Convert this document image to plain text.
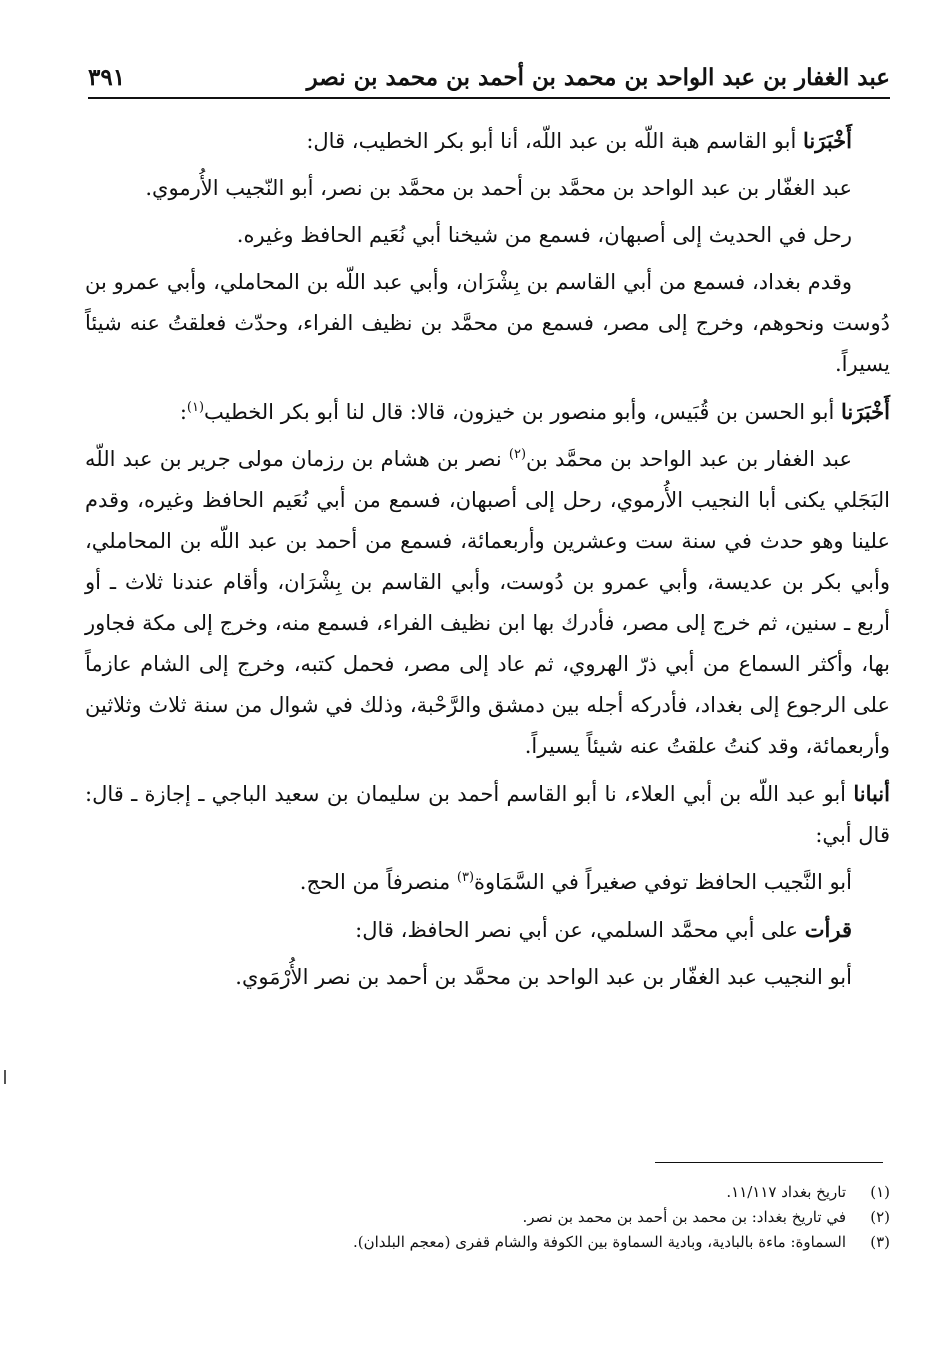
عبد الغفار بن عبد الواحد بن محمد بن أحمد بن محمد بن نصر
٣٩١

أَخْبَرَنا أبو القاسم هبة اللّه بن عبد اللّه، أنا أبو بكر الخطيب، قال:

عبد الغفّار بن عبد الواحد بن محمَّد بن أحمد بن محمَّد بن نصر، أبو النّجيب الأُرموي.

رحل في الحديث إلى أصبهان، فسمع من شيخنا أبي نُعَيم الحافظ وغيره.

وقدم بغداد، فسمع من أبي القاسم بن بِشْرَان، وأبي عبد اللّه بن المحاملي، وأبي عمرو بن دُوست ونحوهم، وخرج إلى مصر، فسمع من محمَّد بن نظيف الفراء، وحدّث فعلقتُ عنه شيئاً يسيراً.

أَخْبَرَنا أبو الحسن بن قُبَيس، وأبو منصور بن خيزون، قالا: قال لنا أبو بكر الخطيب$^{(١)}$:

عبد الغفار بن عبد الواحد بن محمَّد بن$^{(٢)}$ نصر بن هشام بن رزمان مولى جرير بن عبد اللّه البَجَلي يكنى أبا النجيب الأُرموي، رحل إلى أصبهان، فسمع من أبي نُعَيم الحافظ وغيره، وقدم علينا وهو حدث في سنة ست وعشرين وأربعمائة، فسمع من أحمد بن عبد اللّه بن المحاملي، وأبي بكر بن عديسة، وأبي عمرو بن دُوست، وأبي القاسم بن بِشْرَان، وأقام عندنا ثلاث ـ أو أربع ـ سنين، ثم خرج إلى مصر، فأدرك بها ابن نظيف الفراء، فسمع منه، وخرج إلى مكة فجاور بها، وأكثر السماع من أبي ذرّ الهروي، ثم عاد إلى مصر، فحمل كتبه، وخرج إلى الشام عازماً على الرجوع إلى بغداد، فأدركه أجله بين دمشق والرَّحْبة، وذلك في شوال من سنة ثلاث وثلاثين وأربعمائة، وقد كنتُ علقتُ عنه شيئاً يسيراً.

أنبانا أبو عبد اللّه بن أبي العلاء، نا أبو القاسم أحمد بن سليمان بن سعيد الباجي ـ إجازة ـ قال: قال أبي:

أبو النَّجيب الحافظ توفي صغيراً في السَّمَاوة$^{(٣)}$ منصرفاً من الحج.

قرأت على أبي محمَّد السلمي، عن أبي نصر الحافظ، قال:

أبو النجيب عبد الغفّار بن عبد الواحد بن محمَّد بن أحمد بن نصر الأُرْمَوي.

(١)
تاريخ بغداد ١١/١١٧.
(٢)
في تاريخ بغداد: بن محمد بن أحمد بن محمد بن نصر.
(٣)
السماوة: ماءة بالبادية، وبادية السماوة بين الكوفة والشام قفرى (معجم البلدان).
